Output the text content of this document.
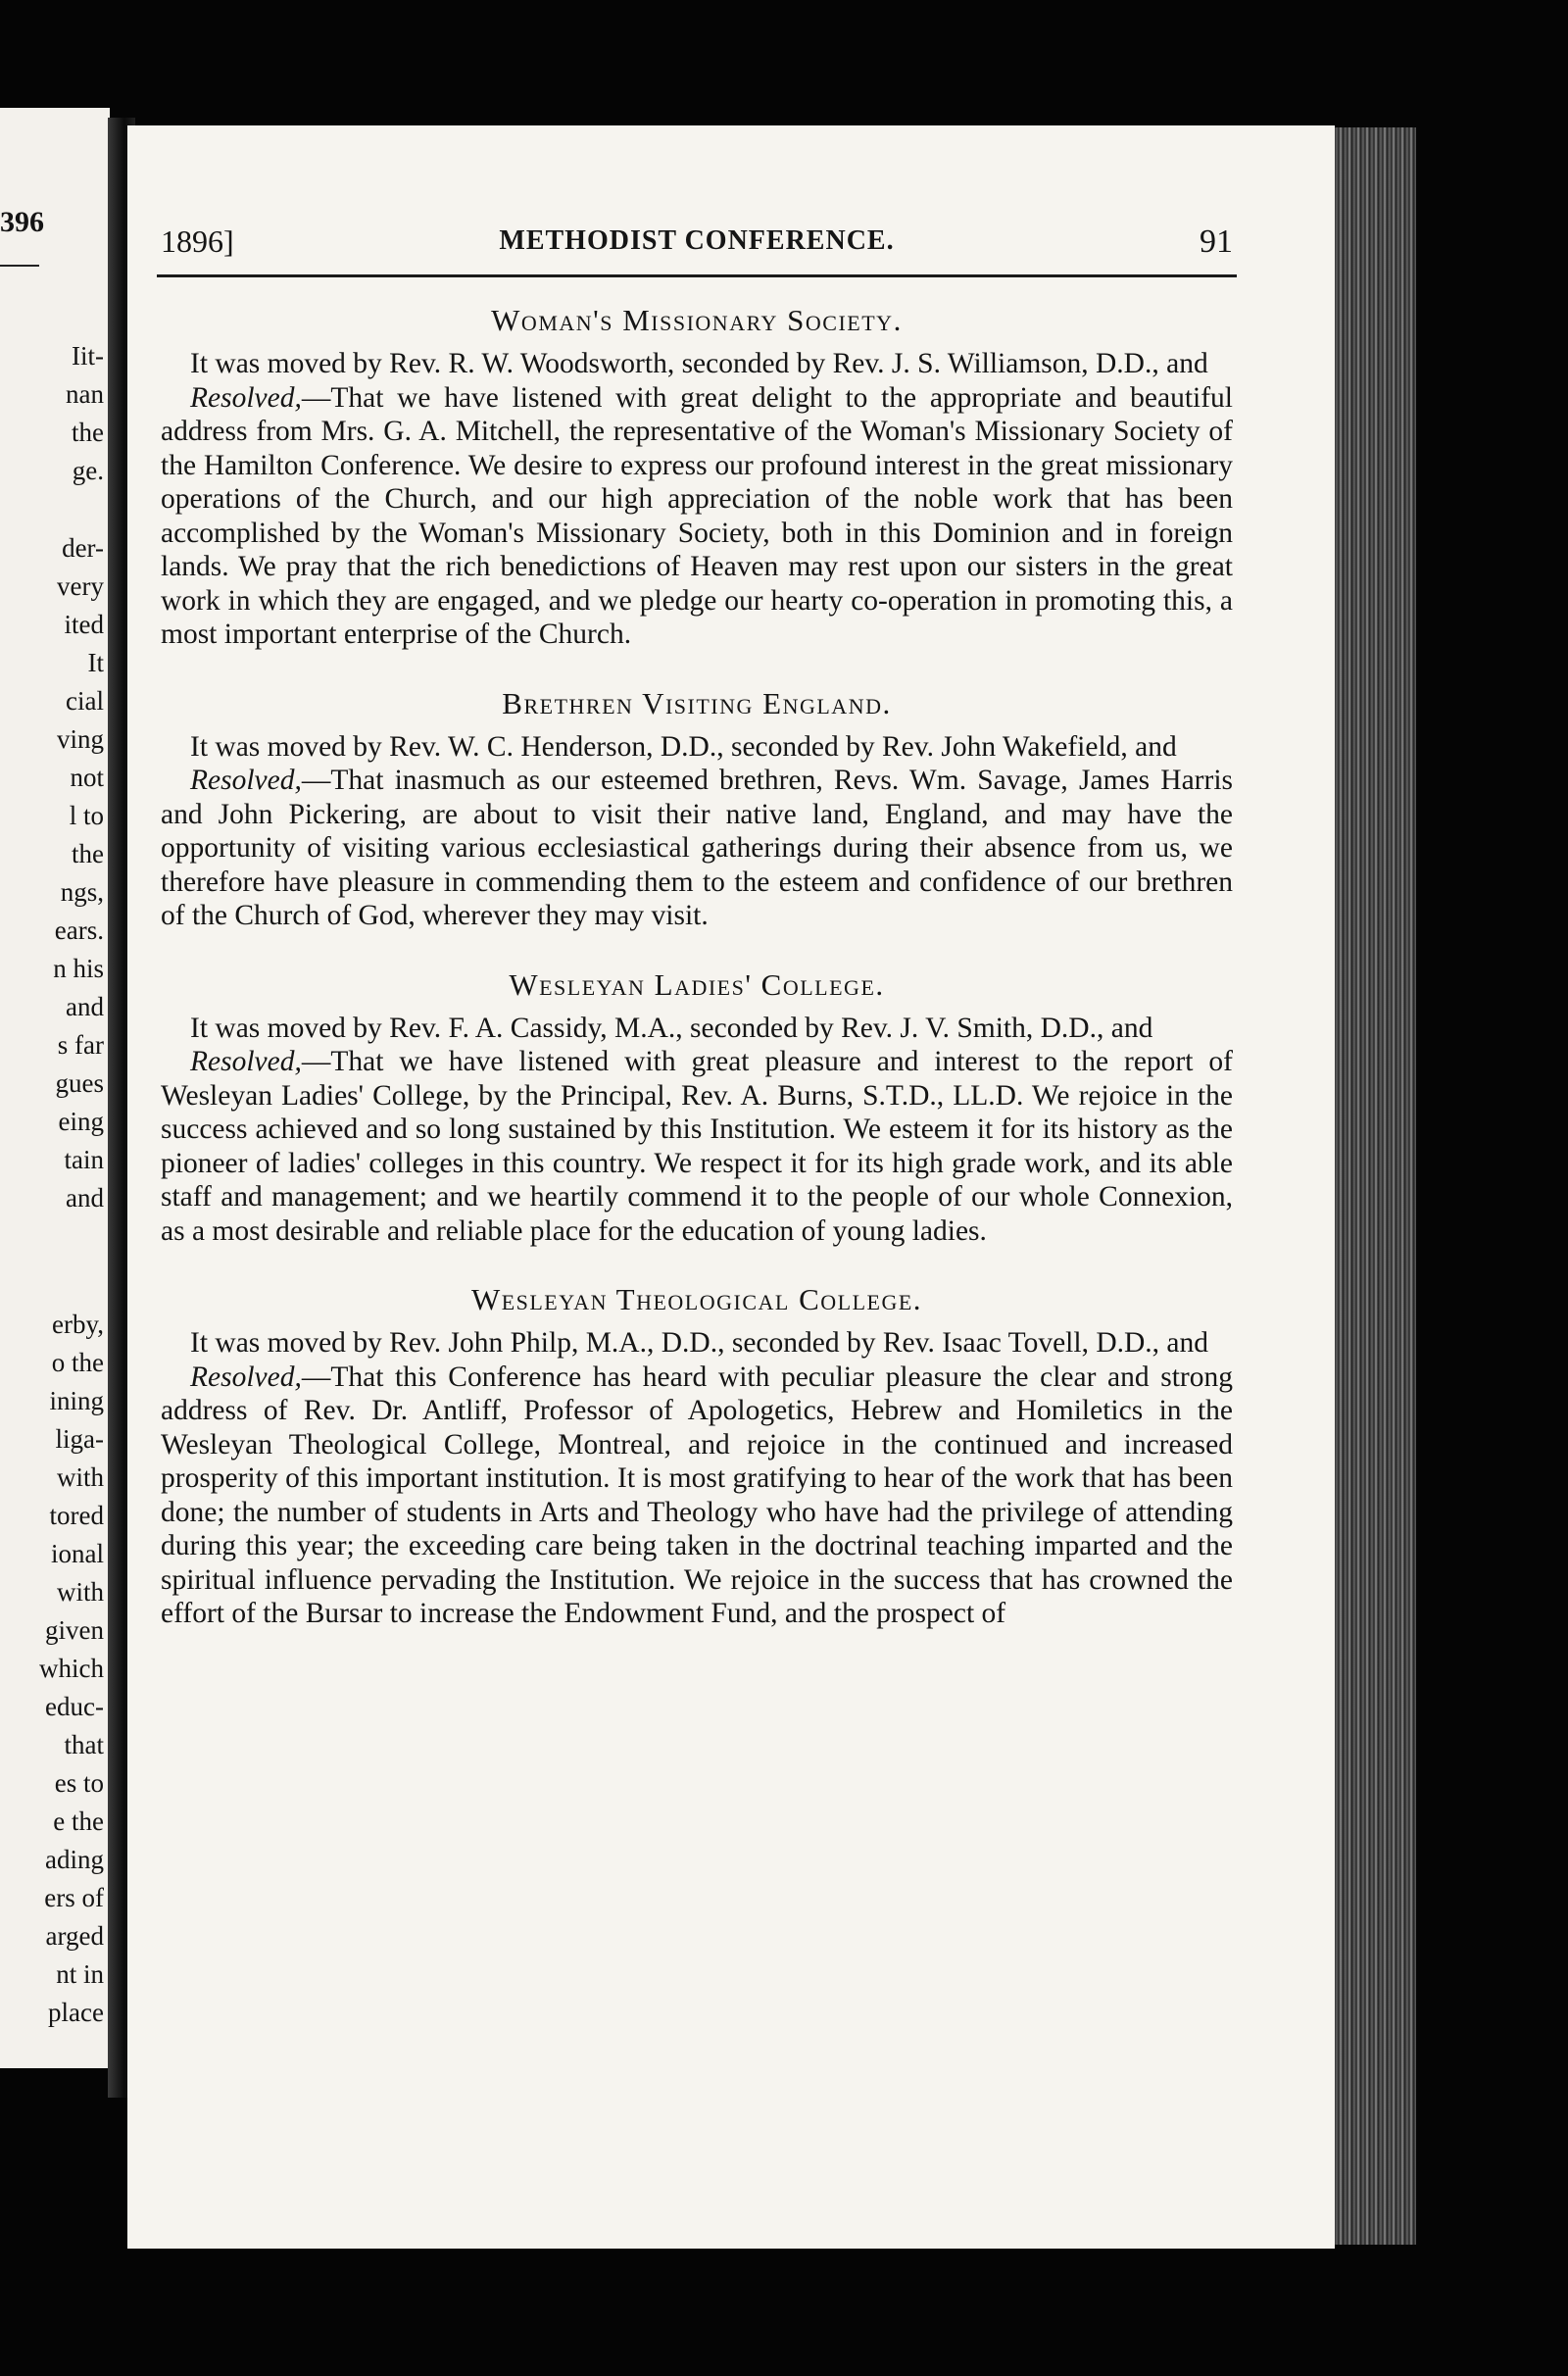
396
Iit-
nan
the
ge.
der-
very
ited
It
cial
ving
not
l to
the
ngs,
ears.
n his
and
s far
gues
eing
tain
and
erby,
o the
ining
liga-
with
tored
ional
with
given
which
educ-
that
es to
e the
ading
ers of
arged
nt in
place
1896]	METHODIST CONFERENCE.	91
Woman's Missionary Society.

It was moved by Rev. R. W. Woodsworth, seconded by Rev. J. S. Williamson, D.D., and

Resolved,—That we have listened with great delight to the appropriate and beautiful address from Mrs. G. A. Mitchell, the representative of the Woman's Missionary Society of the Hamilton Conference. We desire to express our profound interest in the great missionary operations of the Church, and our high appreciation of the noble work that has been accomplished by the Woman's Missionary Society, both in this Dominion and in foreign lands. We pray that the rich benedictions of Heaven may rest upon our sisters in the great work in which they are engaged, and we pledge our hearty co-operation in promoting this, a most important enterprise of the Church.

Brethren Visiting England.

It was moved by Rev. W. C. Henderson, D.D., seconded by Rev. John Wakefield, and

Resolved,—That inasmuch as our esteemed brethren, Revs. Wm. Savage, James Harris and John Pickering, are about to visit their native land, England, and may have the opportunity of visiting various ecclesiastical gatherings during their absence from us, we therefore have pleasure in commending them to the esteem and confidence of our brethren of the Church of God, wherever they may visit.

Wesleyan Ladies' College.

It was moved by Rev. F. A. Cassidy, M.A., seconded by Rev. J. V. Smith, D.D., and

Resolved,—That we have listened with great pleasure and interest to the report of Wesleyan Ladies' College, by the Principal, Rev. A. Burns, S.T.D., LL.D. We rejoice in the success achieved and so long sustained by this Institution. We esteem it for its history as the pioneer of ladies' colleges in this country. We respect it for its high grade work, and its able staff and management; and we heartily commend it to the people of our whole Connexion, as a most desirable and reliable place for the education of young ladies.

Wesleyan Theological College.

It was moved by Rev. John Philp, M.A., D.D., seconded by Rev. Isaac Tovell, D.D., and

Resolved,—That this Conference has heard with peculiar pleasure the clear and strong address of Rev. Dr. Antliff, Professor of Apologetics, Hebrew and Homiletics in the Wesleyan Theological College, Montreal, and rejoice in the continued and increased prosperity of this important institution. It is most gratifying to hear of the work that has been done; the number of students in Arts and Theology who have had the privilege of attending during this year; the exceeding care being taken in the doctrinal teaching imparted and the spiritual influence pervading the Institution. We rejoice in the success that has crowned the effort of the Bursar to increase the Endowment Fund, and the prospect of
